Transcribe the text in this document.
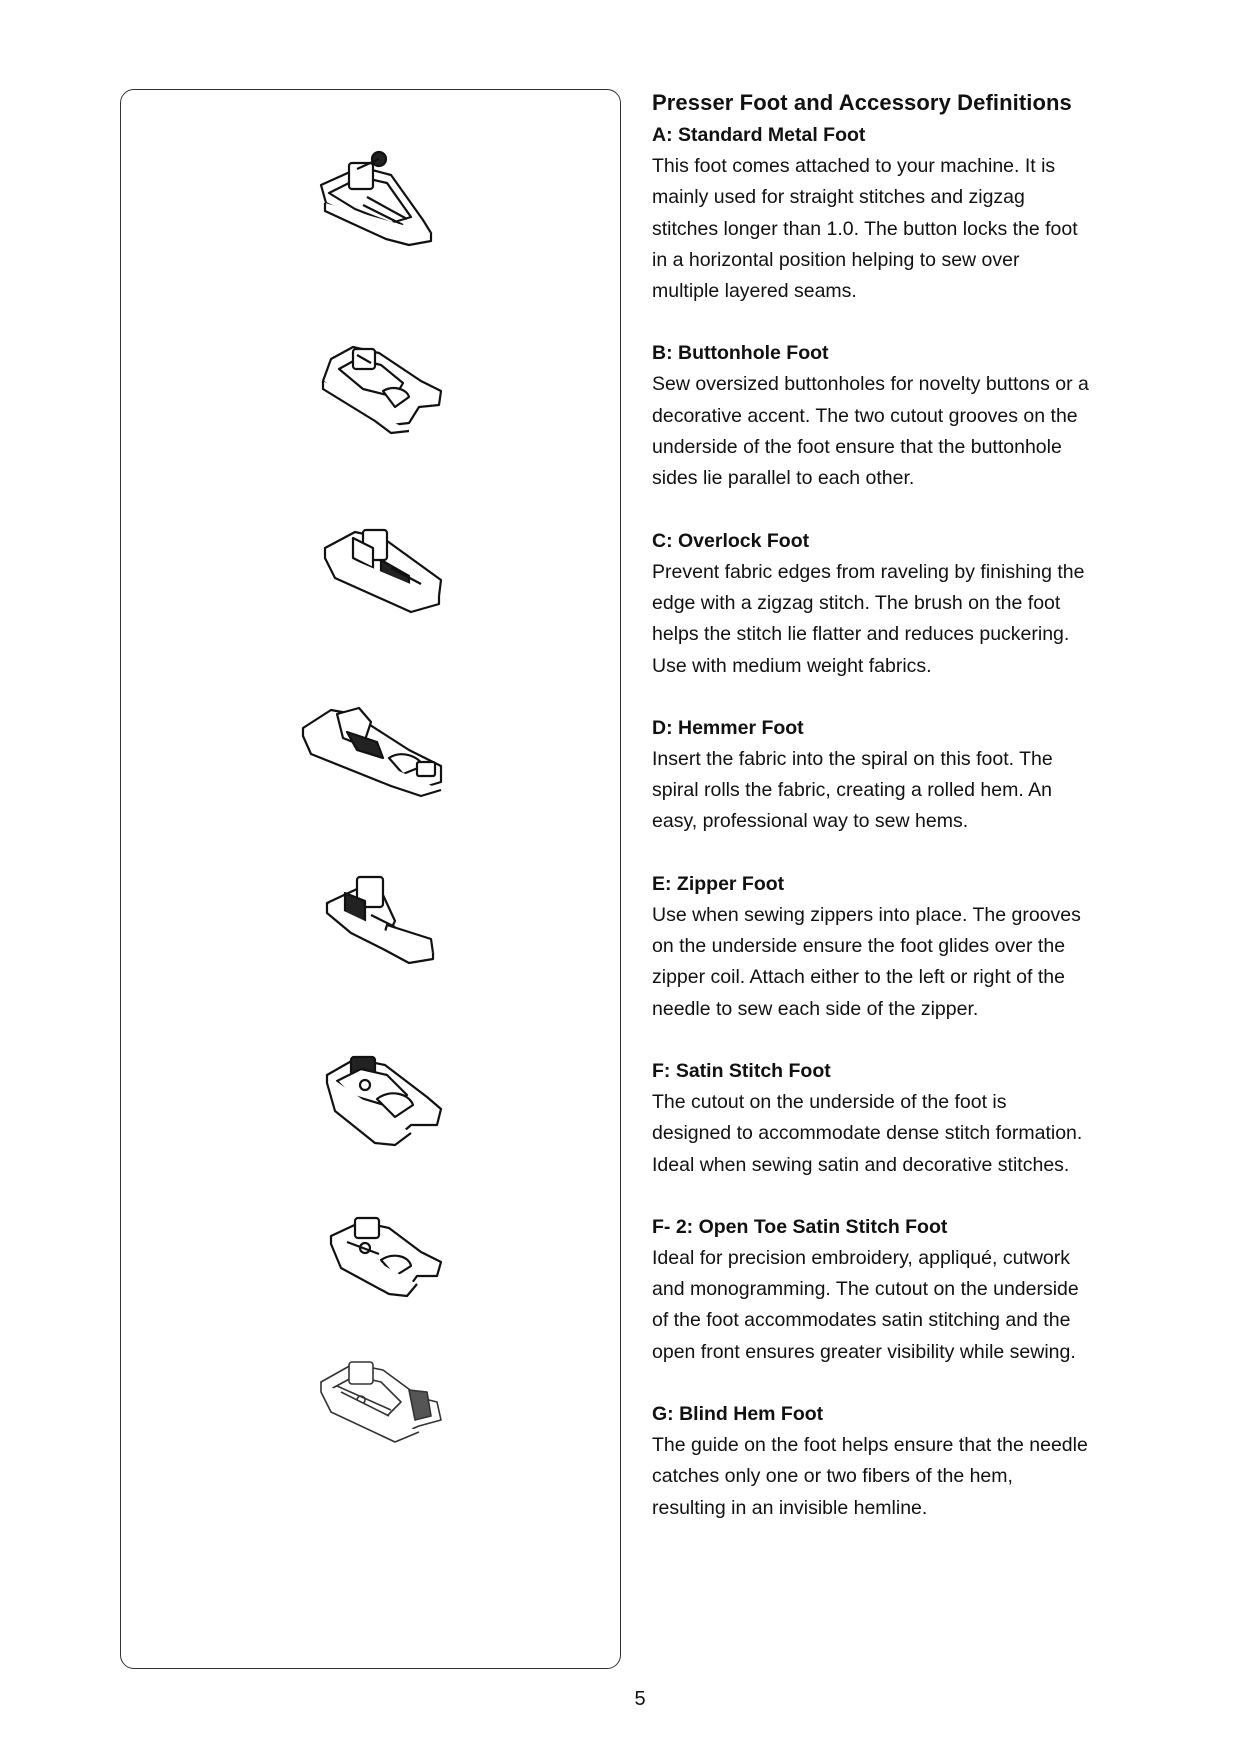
Presser Foot and Accessory Definitions

A: Standard Metal Foot

This foot comes attached to your machine. It is
mainly used for straight stitches and zigzag
stitches longer than 1.0. The button locks the foot
in a horizontal position helping to sew over
multiple layered seams.

B: Buttonhole Foot

Sew oversized buttonholes for novelty buttons or a
decorative accent. The two cutout grooves on the
underside of the foot ensure that the buttonhole
sides lie parallel to each other.

C: Overlock Foot

Prevent fabric edges from raveling by finishing the
edge with a zigzag stitch. The brush on the foot
helps the stitch lie flatter and reduces puckering.
Use with medium weight fabrics.

D: Hemmer Foot

Insert the fabric into the spiral on this foot. The
spiral rolls the fabric, creating a rolled hem. An
easy, professional way to sew hems.

E: Zipper Foot

Use when sewing zippers into place. The grooves
on the underside ensure the foot glides over the
zipper coil. Attach either to the left or right of the
needle to sew each side of the zipper.

F: Satin Stitch Foot

The cutout on the underside of the foot is
designed to accommodate dense stitch formation.
Ideal when sewing satin and decorative stitches.

F- 2: Open Toe Satin Stitch Foot

Ideal for precision embroidery, appliqué, cutwork
and monogramming. The cutout on the underside
of the foot accommodates satin stitching and the
open front ensures greater visibility while sewing.

G: Blind Hem Foot

The guide on the foot helps ensure that the needle
catches only one or two fibers of the hem,
resulting in an invisible hemline.

5
